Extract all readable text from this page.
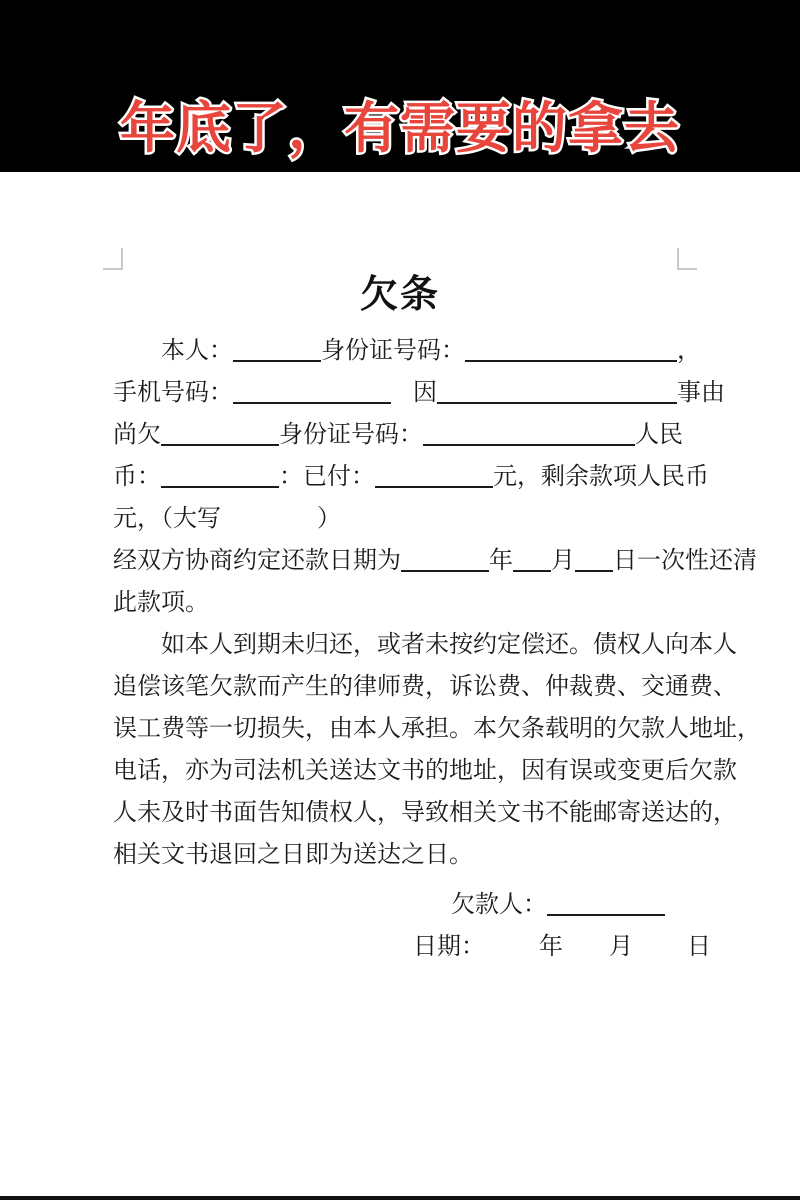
年底了，有需要的拿去
欠条
本人：	身份证号码：	，
手机号码：	因	事由
尚欠	身份证号码：	人民
币：	：已付：	元，剩余款项人民币
元，（大写	）
经双方协商约定还款日期为	年 月 日一次性还清
此款项。
如本人到期未归还，或者未按约定偿还。债权人向本人
追偿该笔欠款而产生的律师费，诉讼费、仲裁费、交通费、
误工费等一切损失，由本人承担。本欠条载明的欠款人地址，
电话，亦为司法机关送达文书的地址，因有误或变更后欠款
人未及时书面告知债权人，导致相关文书不能邮寄送达的，
相关文书退回之日即为送达之日。
欠款人：
日期： 年 月 日
